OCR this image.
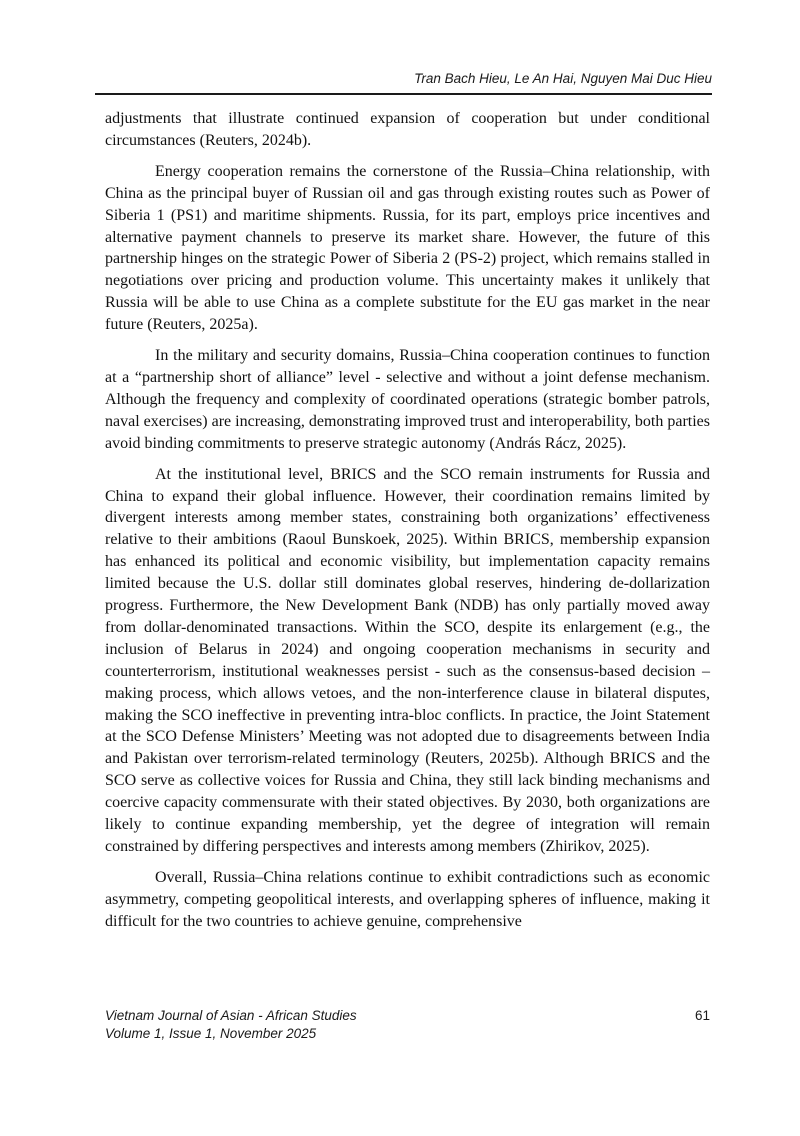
Tran Bach Hieu, Le An Hai, Nguyen Mai Duc Hieu

adjustments that illustrate continued expansion of cooperation but under conditional circumstances (Reuters, 2024b).

Energy cooperation remains the cornerstone of the Russia–China relationship, with China as the principal buyer of Russian oil and gas through existing routes such as Power of Siberia 1 (PS1) and maritime shipments. Russia, for its part, employs price incentives and alternative payment channels to preserve its market share. However, the future of this partnership hinges on the strategic Power of Siberia 2 (PS-2) project, which remains stalled in negotiations over pricing and production volume. This uncertainty makes it unlikely that Russia will be able to use China as a complete substitute for the EU gas market in the near future (Reuters, 2025a).

In the military and security domains, Russia–China cooperation continues to function at a “partnership short of alliance” level - selective and without a joint defense mechanism. Although the frequency and complexity of coordinated operations (strategic bomber patrols, naval exercises) are increasing, demonstrating improved trust and interoperability, both parties avoid binding commitments to preserve strategic autonomy (András Rácz, 2025).

At the institutional level, BRICS and the SCO remain instruments for Russia and China to expand their global influence. However, their coordination remains limited by divergent interests among member states, constraining both organizations’ effectiveness relative to their ambitions (Raoul Bunskoek, 2025). Within BRICS, membership expansion has enhanced its political and economic visibility, but implementation capacity remains limited because the U.S. dollar still dominates global reserves, hindering de-dollarization progress. Furthermore, the New Development Bank (NDB) has only partially moved away from dollar-denominated transactions. Within the SCO, despite its enlargement (e.g., the inclusion of Belarus in 2024) and ongoing cooperation mechanisms in security and counterterrorism, institutional weaknesses persist - such as the consensus-based decision – making process, which allows vetoes, and the non-interference clause in bilateral disputes, making the SCO ineffective in preventing intra-bloc conflicts. In practice, the Joint Statement at the SCO Defense Ministers’ Meeting was not adopted due to disagreements between India and Pakistan over terrorism-related terminology (Reuters, 2025b). Although BRICS and the SCO serve as collective voices for Russia and China, they still lack binding mechanisms and coercive capacity commensurate with their stated objectives. By 2030, both organizations are likely to continue expanding membership, yet the degree of integration will remain constrained by differing perspectives and interests among members (Zhirikov, 2025).

Overall, Russia–China relations continue to exhibit contradictions such as economic asymmetry, competing geopolitical interests, and overlapping spheres of influence, making it difficult for the two countries to achieve genuine, comprehensive

Vietnam Journal of Asian - African Studies
Volume 1, Issue 1, November 2025
61
